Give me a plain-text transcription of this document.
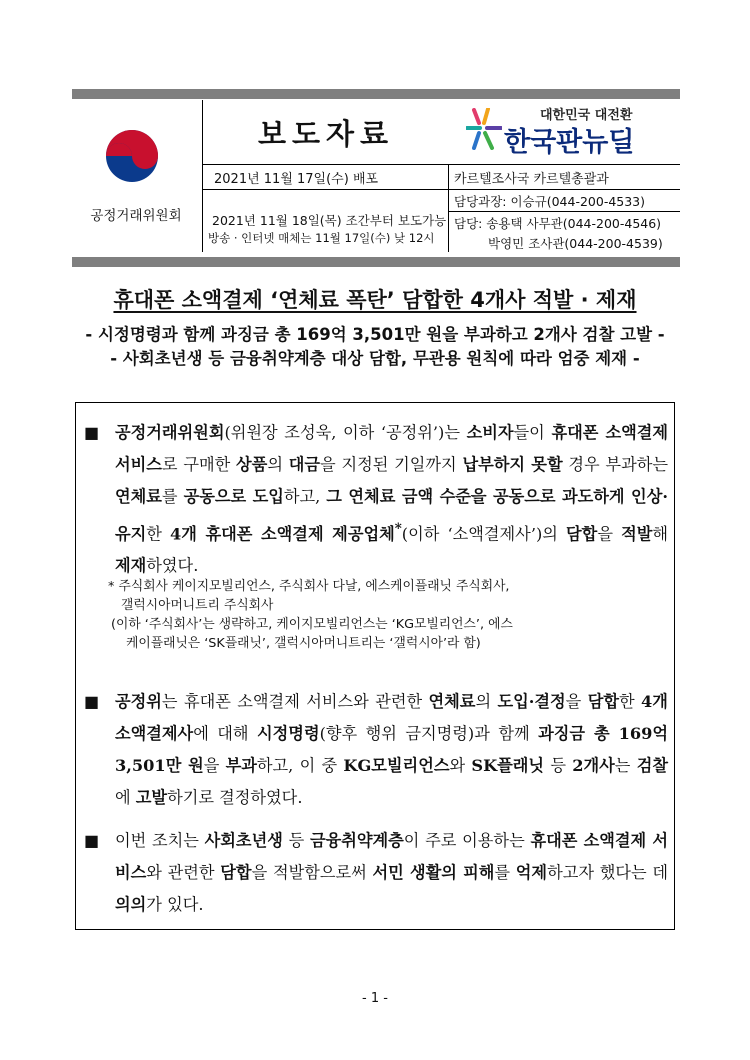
공정거래위원회
보도자료
대한민국 대전환
한국판뉴딜
2021년 11월 17일(수) 배포	카르텔조사국 카르텔총괄과
담당과장: 이승규(044-200-4533)
2021년 11월 18일(목) 조간부터 보도가능
방송 · 인터넷 매체는 11월 17일(수) 낮 12시
담당: 송용택 사무관(044-200-4546)
박영민 조사관(044-200-4539)
휴대폰 소액결제 ‘연체료 폭탄’ 담합한 4개사 적발 · 제재
- 시정명령과 함께 과징금 총 169억 3,501만 원을 부과하고 2개사 검찰 고발 -
- 사회초년생 등 금융취약계층 대상 담합, 무관용 원칙에 따라 엄중 제재 -
■ 공정거래위원회(위원장 조성욱, 이하 ‘공정위’)는 소비자들이 휴대폰 소액결제 서비스로 구매한 상품의 대금을 지정된 기일까지 납부하지 못할 경우 부과하는 연체료를 공동으로 도입하고, 그 연체료 금액 수준을 공동으로 과도하게 인상·유지한 4개 휴대폰 소액결제 제공업체*(이하 ‘소액결제사’)의 담합을 적발해 제재하였다.
* 주식회사 케이지모빌리언스, 주식회사 다날, 에스케이플래닛 주식회사,
갤럭시아머니트리 주식회사
(이하 ‘주식회사’는 생략하고, 케이지모빌리언스는 ‘KG모빌리언스’, 에스
케이플래닛은 ‘SK플래닛’, 갤럭시아머니트리는 ‘갤럭시아’라 함)
■ 공정위는 휴대폰 소액결제 서비스와 관련한 연체료의 도입·결정을 담합한 4개 소액결제사에 대해 시정명령(향후 행위 금지명령)과 함께 과징금 총 169억 3,501만 원을 부과하고, 이 중 KG모빌리언스와 SK플래닛 등 2개사는 검찰에 고발하기로 결정하였다.
■ 이번 조치는 사회초년생 등 금융취약계층이 주로 이용하는 휴대폰 소액결제 서비스와 관련한 담합을 적발함으로써 서민 생활의 피해를 억제하고자 했다는 데 의의가 있다.
- 1 -
